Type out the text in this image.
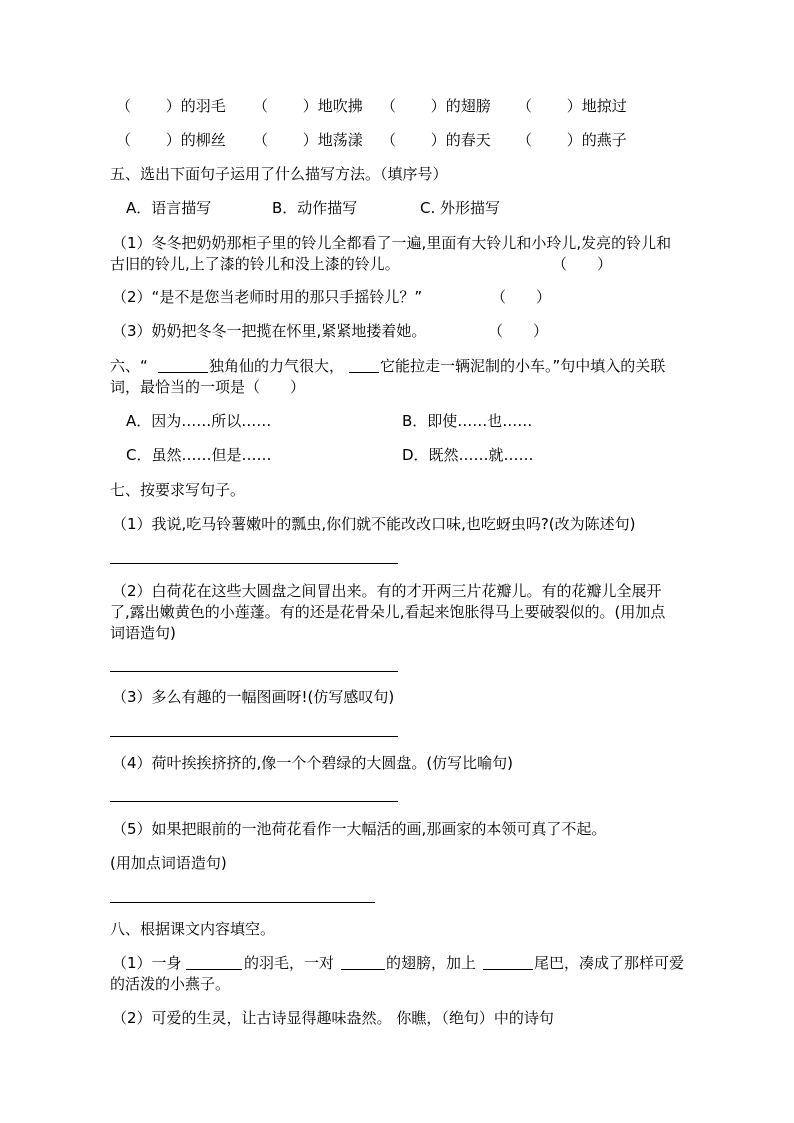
（　　 ）的羽毛 （　　 ）地吹拂 （　　 ）的翅膀 （　　 ）地掠过
（　　 ）的柳丝 （　　 ）地荡漾 （　　 ）的春天 （　　 ）的燕子
五、选出下面句子运用了什么描写方法。（填序号）
A．语言描写	B．动作描写	C. 外形描写
（1）冬冬把奶奶那柜子里的铃儿全都看了一遍,里面有大铃儿和小玲儿,发亮的铃儿和
古旧的铃儿,上了漆的铃儿和没上漆的铃儿。	（　　）
（2）“是不是您当老师时用的那只手摇铃儿？”	（　　）
（3）奶奶把冬冬一把揽在怀里,紧紧地搂着她。	（　　）
六、“	独角仙的力气很大， 它能拉走一辆泥制的小车。”句中填入的关联
词，最恰当的一项是（　　）
A．因为……所以……	B．即使……也……
C．虽然……但是……	D．既然……就……
七、按要求写句子。
（1）我说,吃马铃薯嫩叶的瓢虫,你们就不能改改口味,也吃蚜虫吗?(改为陈述句)
（2）白荷花在这些大圆盘之间冒出来。有的才开两三片花瓣儿。有的花瓣儿全展开
了,露出嫩黄色的小莲蓬。有的还是花骨朵儿,看起来饱胀得马上要破裂似的。(用加点
词语造句)
（3）多么有趣的一幅图画呀!(仿写感叹句)
（4）荷叶挨挨挤挤的,像一个个碧绿的大圆盘。(仿写比喻句)
（5）如果把眼前的一池荷花看作一大幅活的画,那画家的本领可真了不起。
(用加点词语造句)
八、根据课文内容填空。
（1）一身	的羽毛，一对	的翅膀，加上	尾巴，凑成了那样可爱
的活泼的小燕子。
（2）可爱的生灵，让古诗显得趣味盎然。 你瞧，（绝句）中的诗句
